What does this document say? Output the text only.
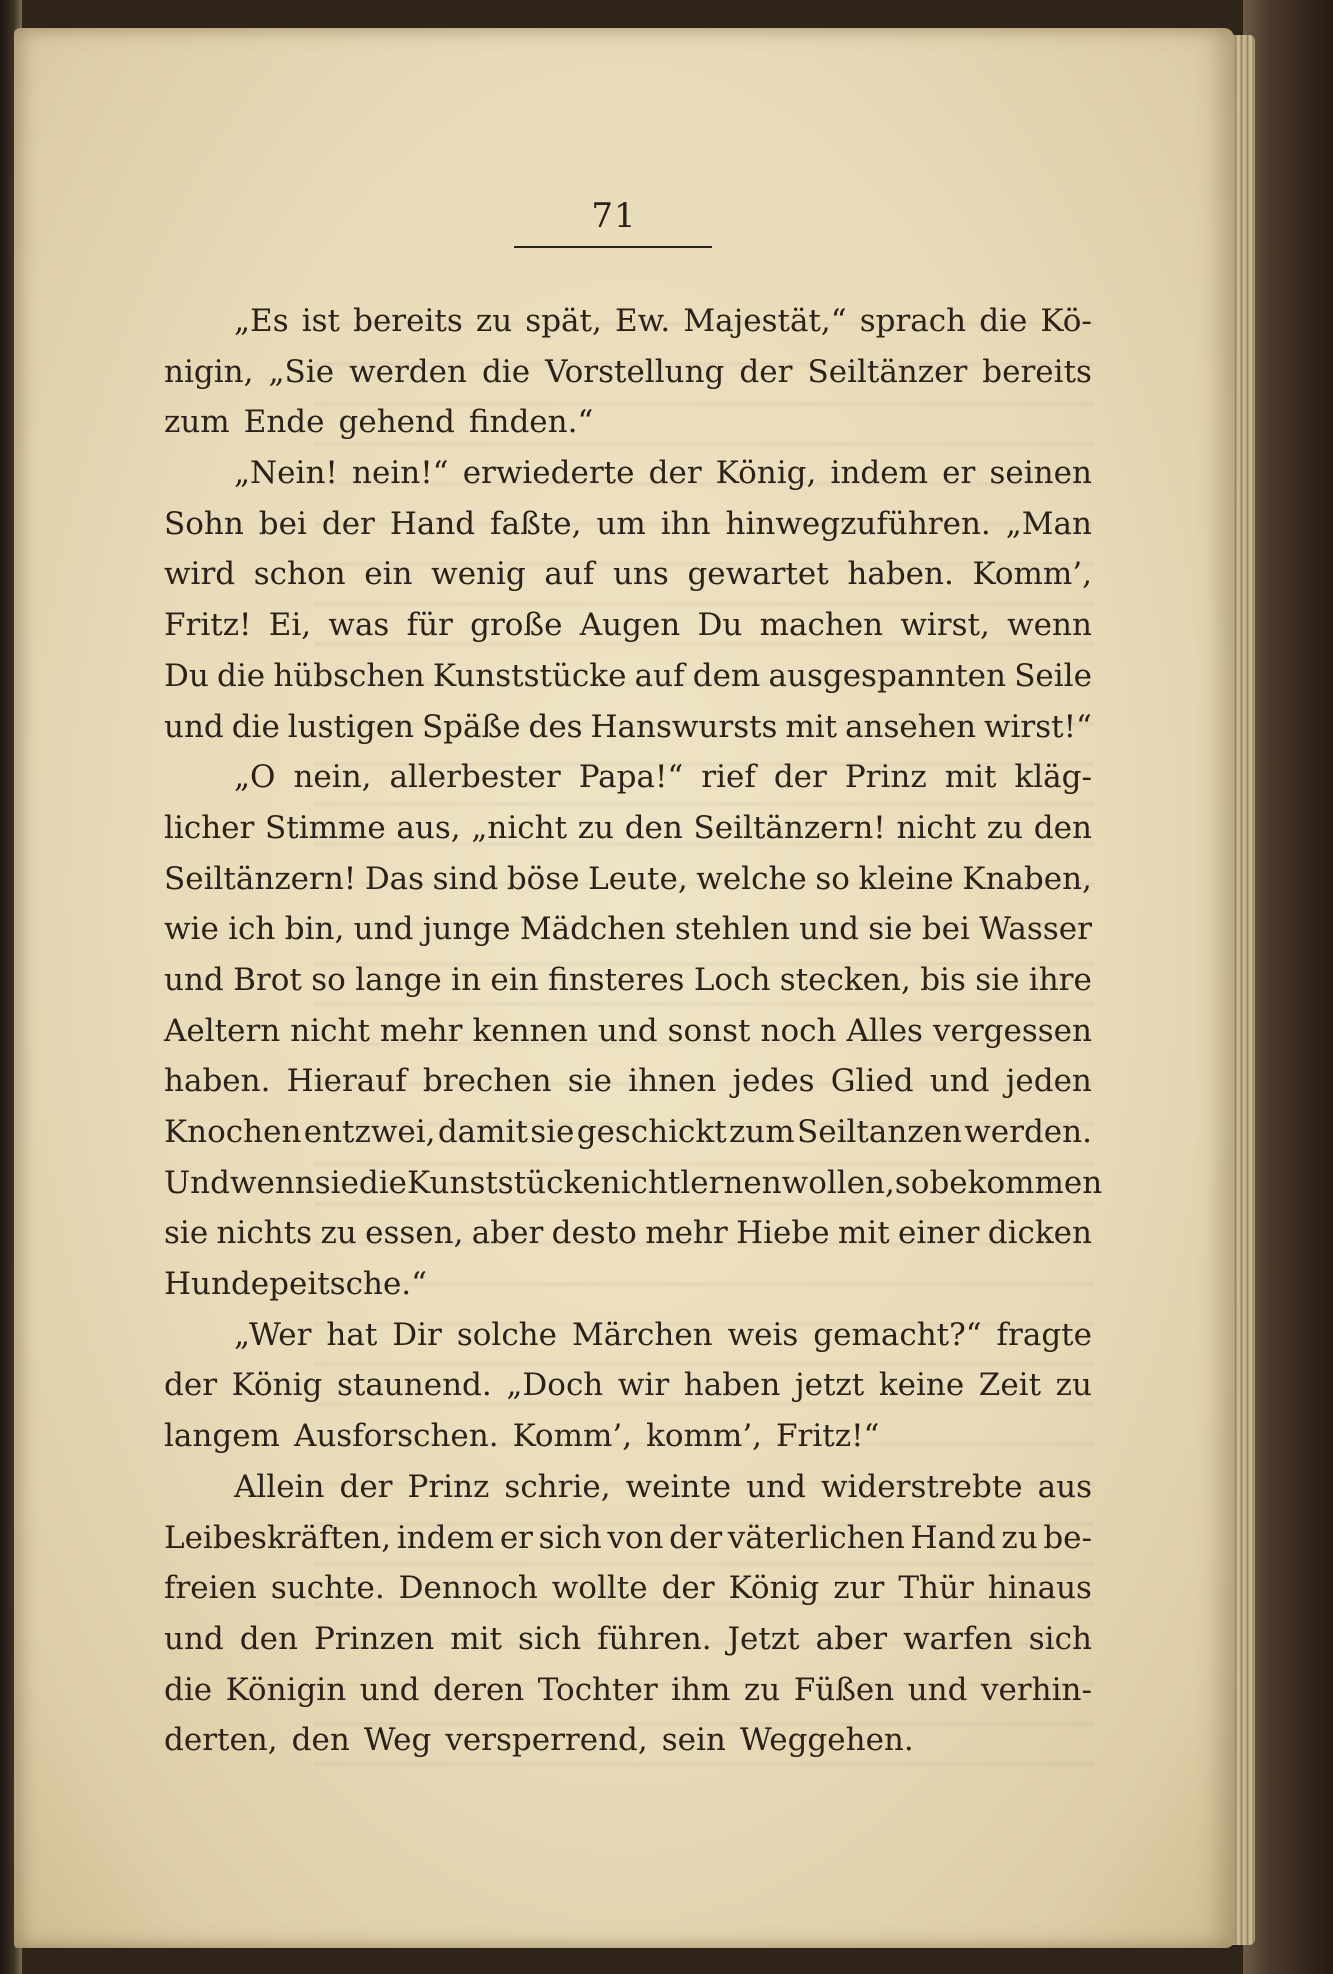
71
„Es ist bereits zu spät, Ew. Majestät,“ sprach die Kö-
nigin, „Sie werden die Vorstellung der Seiltänzer bereits
zum Ende gehend finden.“
„Nein! nein!“ erwiederte der König, indem er seinen
Sohn bei der Hand faßte, um ihn hinwegzuführen. „Man
wird schon ein wenig auf uns gewartet haben. Komm’,
Fritz! Ei, was für große Augen Du machen wirst, wenn
Du die hübschen Kunststücke auf dem ausgespannten Seile
und die lustigen Späße des Hanswursts mit ansehen wirst!“
„O nein, allerbester Papa!“ rief der Prinz mit kläg-
licher Stimme aus, „nicht zu den Seiltänzern! nicht zu den
Seiltänzern! Das sind böse Leute, welche so kleine Knaben,
wie ich bin, und junge Mädchen stehlen und sie bei Wasser
und Brot so lange in ein finsteres Loch stecken, bis sie ihre
Aeltern nicht mehr kennen und sonst noch Alles vergessen
haben. Hierauf brechen sie ihnen jedes Glied und jeden
Knochen entzwei, damit sie geschickt zum Seiltanzen werden.
Und wenn sie die Kunststücke nicht lernen wollen, so bekommen
sie nichts zu essen, aber desto mehr Hiebe mit einer dicken
Hundepeitsche.“
„Wer hat Dir solche Märchen weis gemacht?“ fragte
der König staunend. „Doch wir haben jetzt keine Zeit zu
langem Ausforschen. Komm’, komm’, Fritz!“
Allein der Prinz schrie, weinte und widerstrebte aus
Leibeskräften, indem er sich von der väterlichen Hand zu be-
freien suchte. Dennoch wollte der König zur Thür hinaus
und den Prinzen mit sich führen. Jetzt aber warfen sich
die Königin und deren Tochter ihm zu Füßen und verhin-
derten, den Weg versperrend, sein Weggehen.
